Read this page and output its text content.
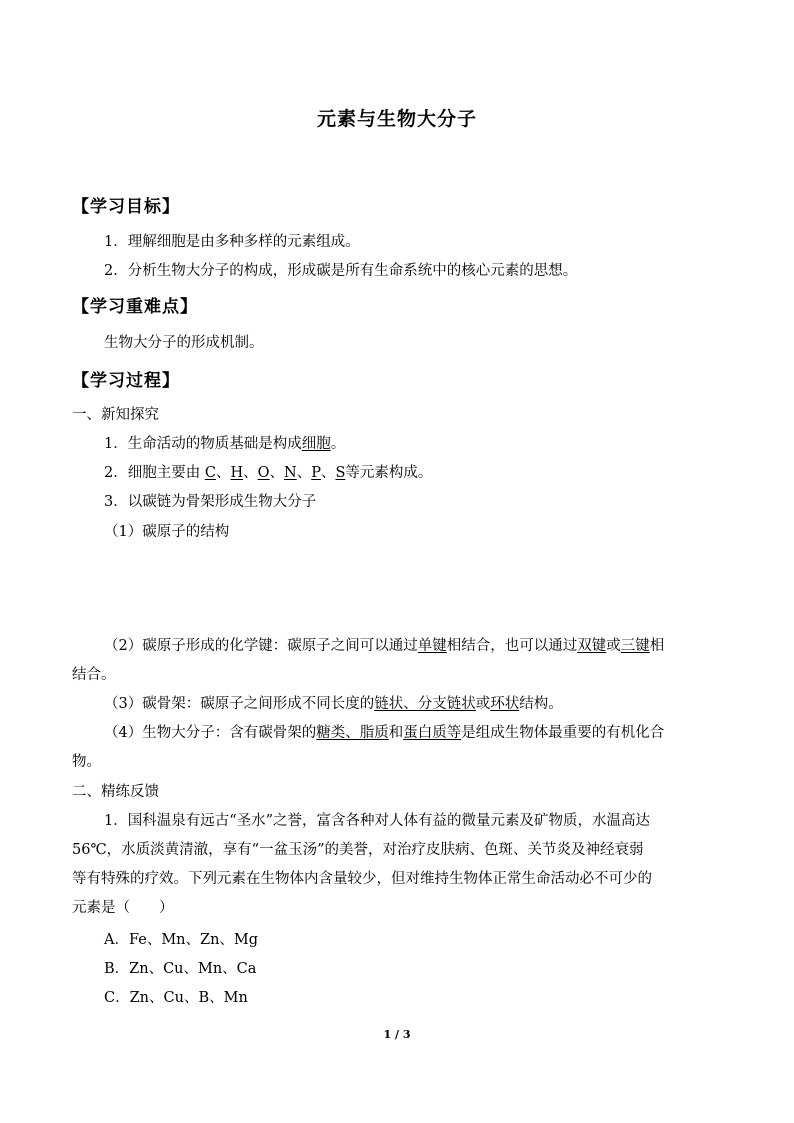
元素与生物大分子
【学习目标】
1．理解细胞是由多种多样的元素组成。
2．分析生物大分子的构成，形成碳是所有生命系统中的核心元素的思想。
【学习重难点】
生物大分子的形成机制。
【学习过程】
一、新知探究
1．生命活动的物质基础是构成细胞。
2．细胞主要由 C、H、O、N、P、S等元素构成。
3．以碳链为骨架形成生物大分子
（1）碳原子的结构
（2）碳原子形成的化学键：碳原子之间可以通过单键相结合，也可以通过双键或三键相
结合。
（3）碳骨架：碳原子之间形成不同长度的链状、分支链状或环状结构。
（4）生物大分子：含有碳骨架的糖类、脂质和蛋白质等是组成生物体最重要的有机化合
物。
二、精练反馈
1．国科温泉有远古“圣水”之誉，富含各种对人体有益的微量元素及矿物质，水温高达
56℃，水质淡黄清澈，享有“一盆玉汤”的美誉，对治疗皮肤病、色斑、关节炎及神经衰弱
等有特殊的疗效。下列元素在生物体内含量较少，但对维持生物体正常生命活动必不可少的
元素是（　　）
A．Fe、Mn、Zn、Mg
B．Zn、Cu、Mn、Ca
C．Zn、Cu、B、Mn
1 / 3
